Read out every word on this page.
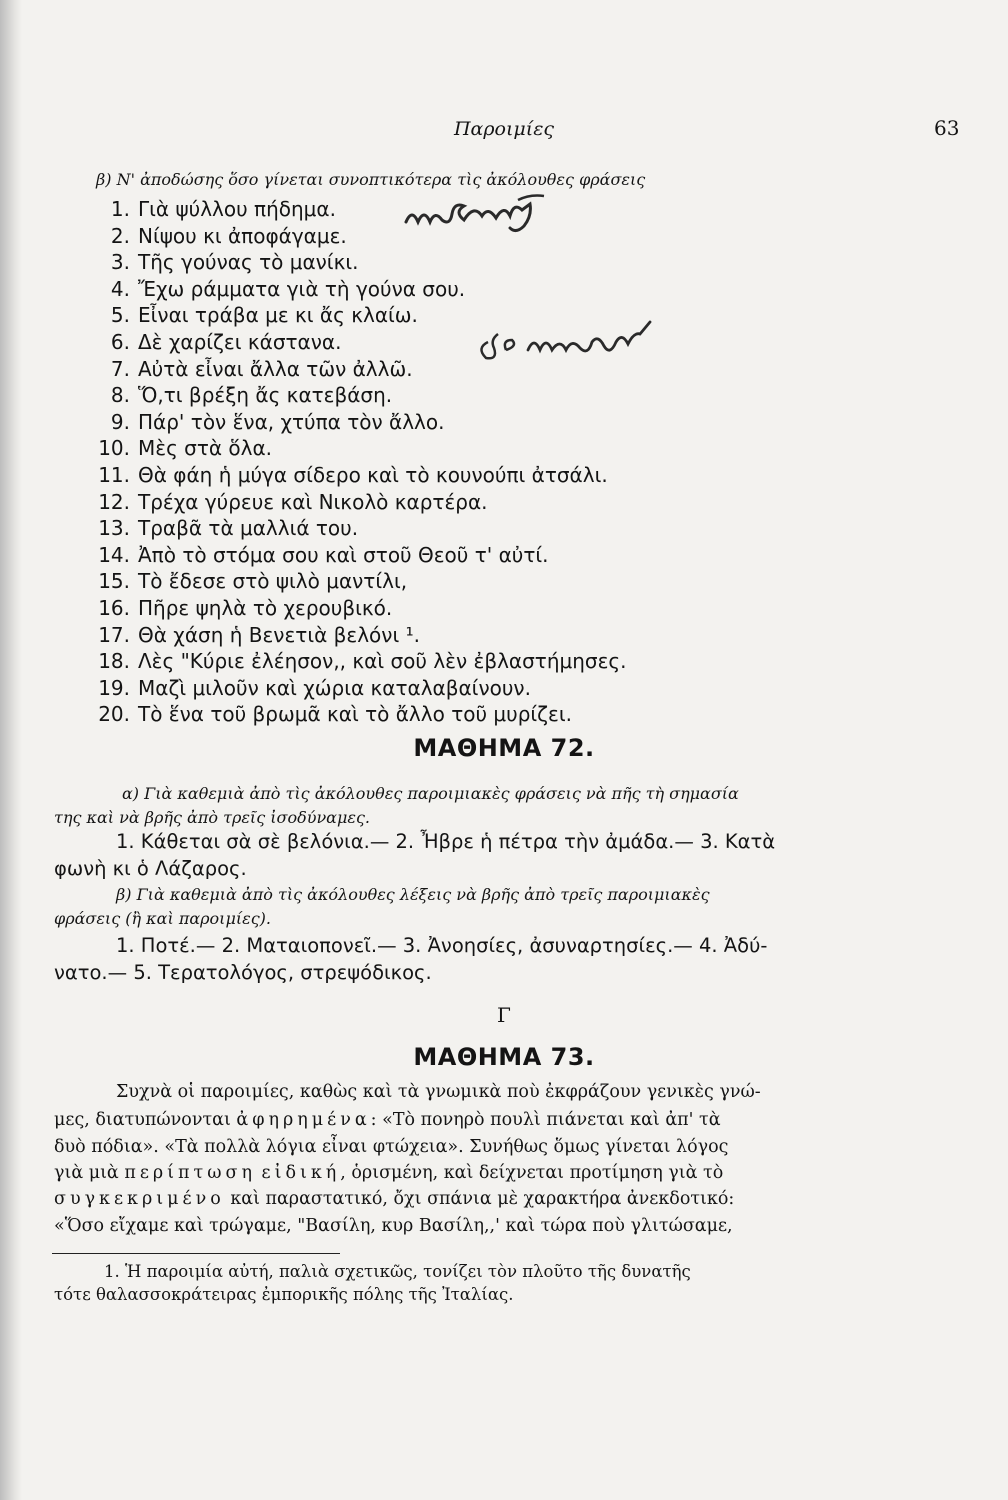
Παροιμίες	63
β) Ν' ἀποδώσης ὅσο γίνεται συνοπτικότερα τὶς ἀκόλουθες φράσεις
1. Γιὰ ψύλλου πήδημα.
2. Νίψου κι ἀποφάγαμε.
3. Τῆς γούνας τὸ μανίκι.
4. Ἔχω ράμματα γιὰ τὴ γούνα σου.
5. Εἶναι τράβα με κι ἄς κλαίω.
6. Δὲ χαρίζει κάστανα.
7. Αὐτὰ εἶναι ἄλλα τῶν ἀλλῶ.
8. Ὅ,τι βρέξη ἄς κατεβάση.
9. Πάρ' τὸν ἕνα, χτύπα τὸν ἄλλο.
10. Μὲς στὰ ὅλα.
11. Θὰ φάη ἡ μύγα σίδερο καὶ τὸ κουνούπι ἀτσάλι.
12. Τρέχα γύρευε καὶ Νικολὸ καρτέρα.
13. Τραβᾶ τὰ μαλλιά του.
14. Ἀπὸ τὸ στόμα σου καὶ στοῦ Θεοῦ τ' αὐτί.
15. Τὸ ἔδεσε στὸ ψιλὸ μαντίλι,
16. Πῆρε ψηλὰ τὸ χερουβικό.
17. Θὰ χάση ἡ Βενετιὰ βελόνι ¹.
18. Λὲς "Κύριε ἐλέησον,, καὶ σοῦ λὲν ἐβλαστήμησες.
19. Μαζὶ μιλοῦν καὶ χώρια καταλαβαίνουν.
20. Τὸ ἕνα τοῦ βρωμᾶ καὶ τὸ ἄλλο τοῦ μυρίζει.
ΜΑΘΗΜΑ 72.
α) Γιὰ καθεμιὰ ἀπὸ τὶς ἀκόλουθες παροιμιακὲς φράσεις νὰ πῆς τὴ σημασία
της καὶ νὰ βρῆς ἀπὸ τρεῖς ἰσοδύναμες.
1. Κάθεται σὰ σὲ βελόνια.— 2. Ἦβρε ἡ πέτρα τὴν ἀμάδα.— 3. Κατὰ
φωνὴ κι ὁ Λάζαρος.
β) Γιὰ καθεμιὰ ἀπὸ τὶς ἀκόλουθες λέξεις νὰ βρῆς ἀπὸ τρεῖς παροιμιακὲς
φράσεις (ἢ καὶ παροιμίες).
1. Ποτέ.— 2. Ματαιοπονεῖ.— 3. Ἀνοησίες, ἀσυναρτησίες.— 4. Ἀδύ-
νατο.— 5. Τερατολόγος, στρεψόδικος.
Γ
ΜΑΘΗΜΑ 73.
Συχνὰ οἱ παροιμίες, καθὼς καὶ τὰ γνωμικὰ ποὺ ἐκφράζουν γενικὲς γνώ-
μες, διατυπώνονται ἀφηρημένα: «Τὸ πονηρὸ πουλὶ πιάνεται καὶ ἀπ' τὰ
δυὸ πόδια». «Τὰ πολλὰ λόγια εἶναι φτώχεια». Συνήθως ὅμως γίνεται λόγος
γιὰ μιὰ περίπτωση εἰδική, ὁρισμένη, καὶ δείχνεται προτίμηση γιὰ τὸ
συγκεκριμένο καὶ παραστατικό, ὄχι σπάνια μὲ χαρακτήρα ἀνεκδοτικό:
«Ὅσο εἴχαμε καὶ τρώγαμε, "Βασίλη, κυρ Βασίλη,,' καὶ τώρα ποὺ γλιτώσαμε,
1. Ἡ παροιμία αὐτή, παλιὰ σχετικῶς, τονίζει τὸν πλοῦτο τῆς δυνατῆς
τότε θαλασσοκράτειρας ἐμπορικῆς πόλης τῆς Ἰταλίας.
